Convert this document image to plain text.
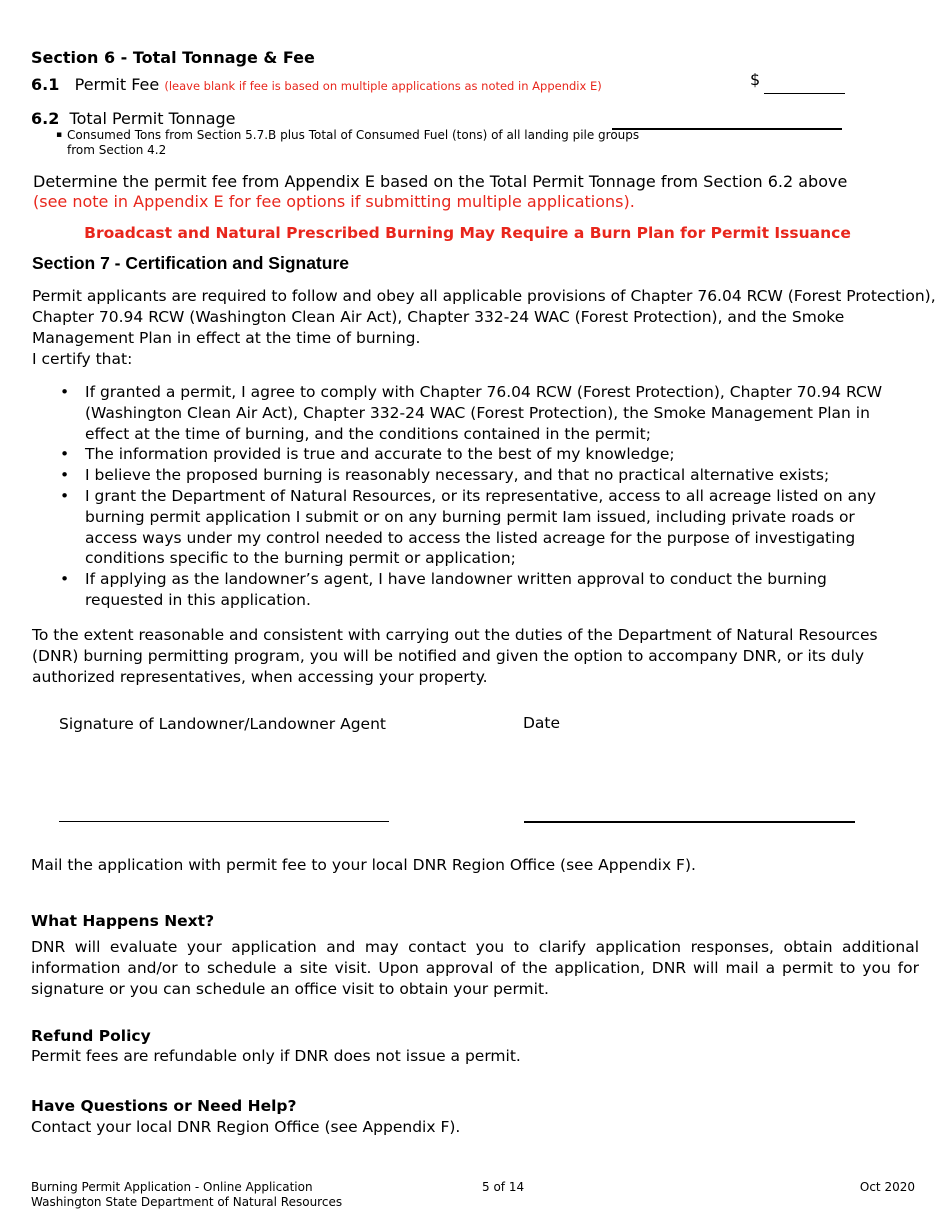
Section 6 - Total Tonnage & Fee
6.1 Permit Fee (leave blank if fee is based on multiple applications as noted in Appendix E)	$
6.2 Total Permit Tonnage
▪ Consumed Tons from Section 5.7.B plus Total of Consumed Fuel (tons) of all landing pile groups
from Section 4.2
Determine the permit fee from Appendix E based on the Total Permit Tonnage from Section 6.2 above
(see note in Appendix E for fee options if submitting multiple applications).
Broadcast and Natural Prescribed Burning May Require a Burn Plan for Permit Issuance
Section 7 - Certification and Signature
Permit applicants are required to follow and obey all applicable provisions of Chapter 76.04 RCW (Forest Protection),
Chapter 70.94 RCW (Washington Clean Air Act), Chapter 332-24 WAC (Forest Protection), and the Smoke
Management Plan in effect at the time of burning.
I certify that:
• If granted a permit, I agree to comply with Chapter 76.04 RCW (Forest Protection), Chapter 70.94 RCW (Washington Clean Air Act), Chapter 332-24 WAC (Forest Protection), the Smoke Management Plan in effect at the time of burning, and the conditions contained in the permit;
• The information provided is true and accurate to the best of my knowledge;
• I believe the proposed burning is reasonably necessary, and that no practical alternative exists;
• I grant the Department of Natural Resources, or its representative, access to all acreage listed on any burning permit application I submit or on any burning permit Iam issued, including private roads or access ways under my control needed to access the listed acreage for the purpose of investigating conditions specific to the burning permit or application;
• If applying as the landowner’s agent, I have landowner written approval to conduct the burning requested in this application.
To the extent reasonable and consistent with carrying out the duties of the Department of Natural Resources (DNR) burning permitting program, you will be notified and given the option to accompany DNR, or its duly authorized representatives, when accessing your property.
Signature of Landowner/Landowner Agent	Date
Mail the application with permit fee to your local DNR Region Office (see Appendix F).
What Happens Next?
DNR will evaluate your application and may contact you to clarify application responses, obtain additional information and/or to schedule a site visit. Upon approval of the application, DNR will mail a permit to you for signature or you can schedule an office visit to obtain your permit.
Refund Policy
Permit fees are refundable only if DNR does not issue a permit.
Have Questions or Need Help?
Contact your local DNR Region Office (see Appendix F).
Burning Permit Application - Online Application
Washington State Department of Natural Resources
5 of 14	Oct 2020
